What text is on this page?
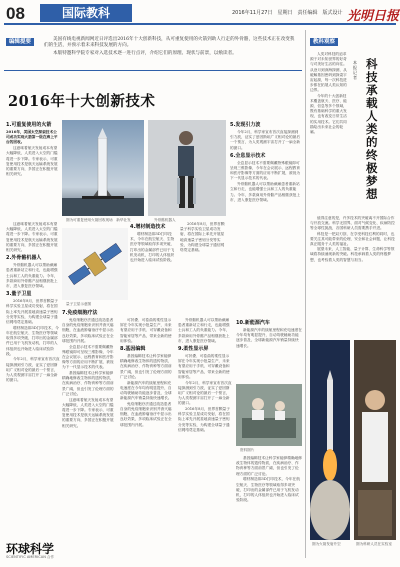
08	国际教科	2016年11月27日　星期日　责任编辑　版式设计 光明日报
编辑提要	美国有线电视新闻网近日评选出2016年十大创新科技，从可重复使用的火箭到助人行走的外骨骼，这些技术正在改变我们的生活，并预示着未来科技发展的方向。

本版特邀科学院专家对入选技术逐一进行点评，介绍它们的原理、现状与前景，以飨读者。

2016年十大创新技术
1.可重复使用的火箭

2016年，美国太空探索技术公司成功实现火箭第一级在海上平台的回收。

这意味着航天发射成本有望大幅降低，人类进入太空的门槛将进一步下降。专家表示，可重复使用技术是航天运输系统发展的重要方向，多国正在积极开展相关研究。

图为可重复使用火箭回收现场　新华社发	外骨骼机器人
5.发现引力波

今年2月，科学家宣布首次直接探测到引力波，证实了爱因斯坦广义相对论的最后一个预言，为人类观测宇宙打开了一扇全新的窗口。

6.全息显示技术

全息显示技术不需要佩戴特殊眼镜即可呈现三维影像，今年在会议展示、远程教育和医疗影像等方面的应用不断扩展，被视为下一代显示技术的代表。

外骨骼机器人可以帮助截瘫患者重新站立和行走，也能增强士兵和工人的负重能力。今年，多款商用外骨骼产品相继获批上市，进入康复医疗领域。

这意味着航天发射成本有望大幅降低，人类进入太空的门槛将进一步下降。专家表示，可重复使用技术是航天运输系统发展的重要方向，多国正在积极开展相关研究。

2.外骨骼机器人

外骨骼机器人可以帮助截瘫患者重新站立和行走，也能增强士兵和工人的负重能力。今年，多款商用外骨骼产品相继获批上市，进入康复医疗领域。

3.量子卫星

2016年8月，世界首颗量子科学实验卫星成功发射，将在国际上率先开展星地高速量子密钥分发等实验，为构建全球量子通信网络奠定基础。

增材制造即3D打印技术，今年在航空航天、生物医疗等领域取得多项突破，打印出的金属部件已用于飞机发动机，打印的人体组织也开始进入临床试验阶段。

今年2月，科学家宣布首次直接探测到引力波，证实了爱因斯坦广义相对论的最后一个预言，为人类观测宇宙打开了一扇全新的窗口。

量子卫星示意图
4.增材制造技术

增材制造即3D打印技术，今年在航空航天、生物医疗等领域取得多项突破，打印出的金属部件已用于飞机发动机，打印的人体组织也开始进入临床试验阶段。

2016年8月，世界首颗量子科学实验卫星成功发射，将在国际上率先开展星地高速量子密钥分发等实验，为构建全球量子通信网络奠定基础。

7.免疫细胞疗法

免疫细胞疗法通过改造患者自身的免疫细胞来识别并消灭癌细胞，在血液肿瘤治疗中显示出良好效果，多项临床试验正在全球范围内开展。

全息显示技术不需要佩戴特殊眼镜即可呈现三维影像，今年在会议展示、远程教育和医疗影像等方面的应用不断扩展，被视为下一代显示技术的代表。

基因编辑技术让科学家能够精确地修改生物体的遗传物质，在疾病治疗、作物育种等方面前景广阔，但也引发了伦理方面的广泛讨论。

这意味着航天发射成本有望大幅降低，人类进入太空的门槛将进一步下降。专家表示，可重复使用技术是航天运输系统发展的重要方向，多国正在积极开展相关研究。

可折叠、可卷曲的柔性显示屏在今年实现小批量生产，未来有望应用于手机、可穿戴设备和智能家居等产品，带来全新的使用体验。

8.基因编辑

基因编辑技术让科学家能够精确地修改生物体的遗传物质，在疾病治疗、作物育种等方面前景广阔，但也引发了伦理方面的广泛讨论。

新能源汽车的续航里程和充电速度在今年均有明显提升，自动驾驶辅助功能逐步普及，全球新能源汽车销量持续快速增长。

免疫细胞疗法通过改造患者自身的免疫细胞来识别并消灭癌细胞，在血液肿瘤治疗中显示出良好效果，多项临床试验正在全球范围内开展。

外骨骼机器人可以帮助截瘫患者重新站立和行走，也能增强士兵和工人的负重能力。今年，多款商用外骨骼产品相继获批上市，进入康复医疗领域。

9.柔性显示屏

可折叠、可卷曲的柔性显示屏在今年实现小批量生产，未来有望应用于手机、可穿戴设备和智能家居等产品，带来全新的使用体验。

今年2月，科学家宣布首次直接探测到引力波，证实了爱因斯坦广义相对论的最后一个预言，为人类观测宇宙打开了一扇全新的窗口。

2016年8月，世界首颗量子科学实验卫星成功发射，将在国际上率先开展星地高速量子密钥分发等实验，为构建全球量子通信网络奠定基础。

10.新能源汽车

新能源汽车的续航里程和充电速度在今年均有明显提升，自动驾驶辅助功能逐步普及，全球新能源汽车销量持续快速增长。

资料图片

基因编辑技术让科学家能够精确地修改生物体的遗传物质，在疾病治疗、作物育种等方面前景广阔，但也引发了伦理方面的广泛讨论。

增材制造即3D打印技术，今年在航空航天、生物医疗等领域取得多项突破，打印出的金属部件已用于飞机发动机，打印的人体组织也开始进入临床试验阶段。

环球科学
SCIENTIFIC AMERICAN 合作
教科观察

人类对科技的追求源于对未知世界的好奇与对美好生活的向往。从登月到深海探测，从破解基因密码到探索宇宙起源，每一次科技进步都在拓展人类认知的边界。

今年的十大创新技术覆盖航天、医疗、能源、信息等多个领域，既有基础科学的重大发现，也有改变日常生活的实用技术。它们共同描绘出未来社会的轮廓。

本报记者
科技承载人类的终极梦想

值得注意的是，许多技术的突破离不开国际合作与开放交流。科学无国界，面对气候变化、疾病防控等全球性挑战，各国科研人员需要携手并进。

科技是一把双刃剑，在享受科技红利的同时，也要关注其可能带来的伦理、安全和社会问题，让科技真正服务于人类的福祉。

展望未来，人工智能、量子计算、生命科学等领域将持续涌现新的突破。科技承载着人类的终极梦想，也考验着人类的智慧与担当。

图为火箭发射升空	图为科研人员在实验室
